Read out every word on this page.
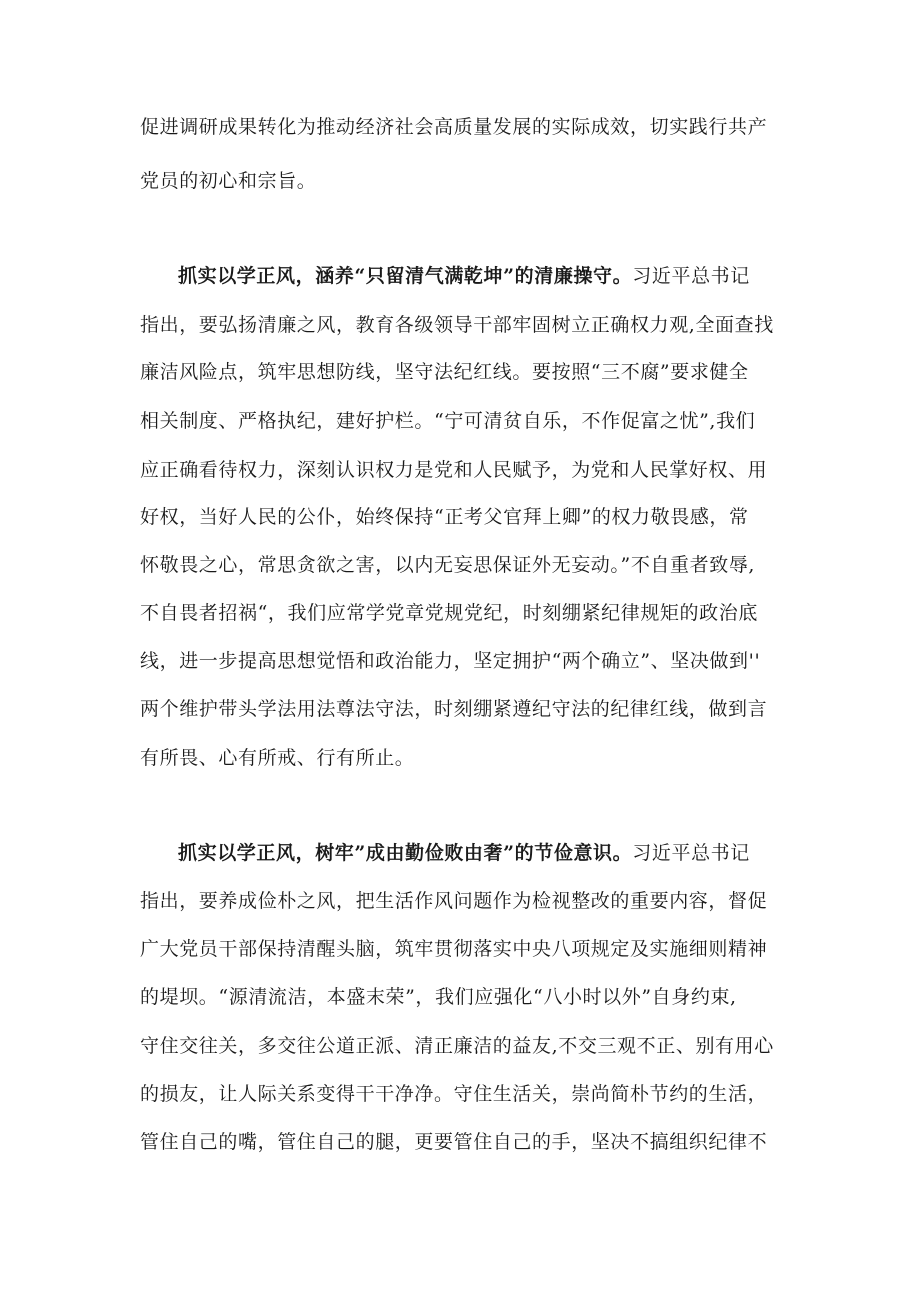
促进调研成果转化为推动经济社会高质量发展的实际成效，切实践行共产
党员的初心和宗旨。
抓实以学正风，涵养“只留清气满乾坤”的清廉操守。习近平总书记
指出，要弘扬清廉之风，教育各级领导干部牢固树立正确权力观,全面查找
廉洁风险点，筑牢思想防线，坚守法纪红线。要按照“三不腐”要求健全
相关制度、严格执纪，建好护栏。“宁可清贫自乐，不作促富之忧”,我们
应正确看待权力，深刻认识权力是党和人民赋予，为党和人民掌好权、用
好权，当好人民的公仆，始终保持“正考父官拜上卿”的权力敬畏感，常
怀敬畏之心，常思贪欲之害，以内无妄思保证外无妄动。”不自重者致辱,
不自畏者招祸“，我们应常学党章党规党纪，时刻绷紧纪律规矩的政治底
线，进一步提高思想觉悟和政治能力，坚定拥护“两个确立”、坚决做到''
两个维护带头学法用法尊法守法，时刻绷紧遵纪守法的纪律红线，做到言
有所畏、心有所戒、行有所止。
抓实以学正风，树牢”成由勤俭败由奢”的节俭意识。习近平总书记
指出，要养成俭朴之风，把生活作风问题作为检视整改的重要内容，督促
广大党员干部保持清醒头脑，筑牢贯彻落实中央八项规定及实施细则精神
的堤坝。“源清流洁，本盛末荣”，我们应强化“八小时以外”自身约束,
守住交往关，多交往公道正派、清正廉洁的益友,不交三观不正、别有用心
的损友，让人际关系变得干干净净。守住生活关，崇尚简朴节约的生活，
管住自己的嘴，管住自己的腿，更要管住自己的手，坚决不搞组织纪律不
